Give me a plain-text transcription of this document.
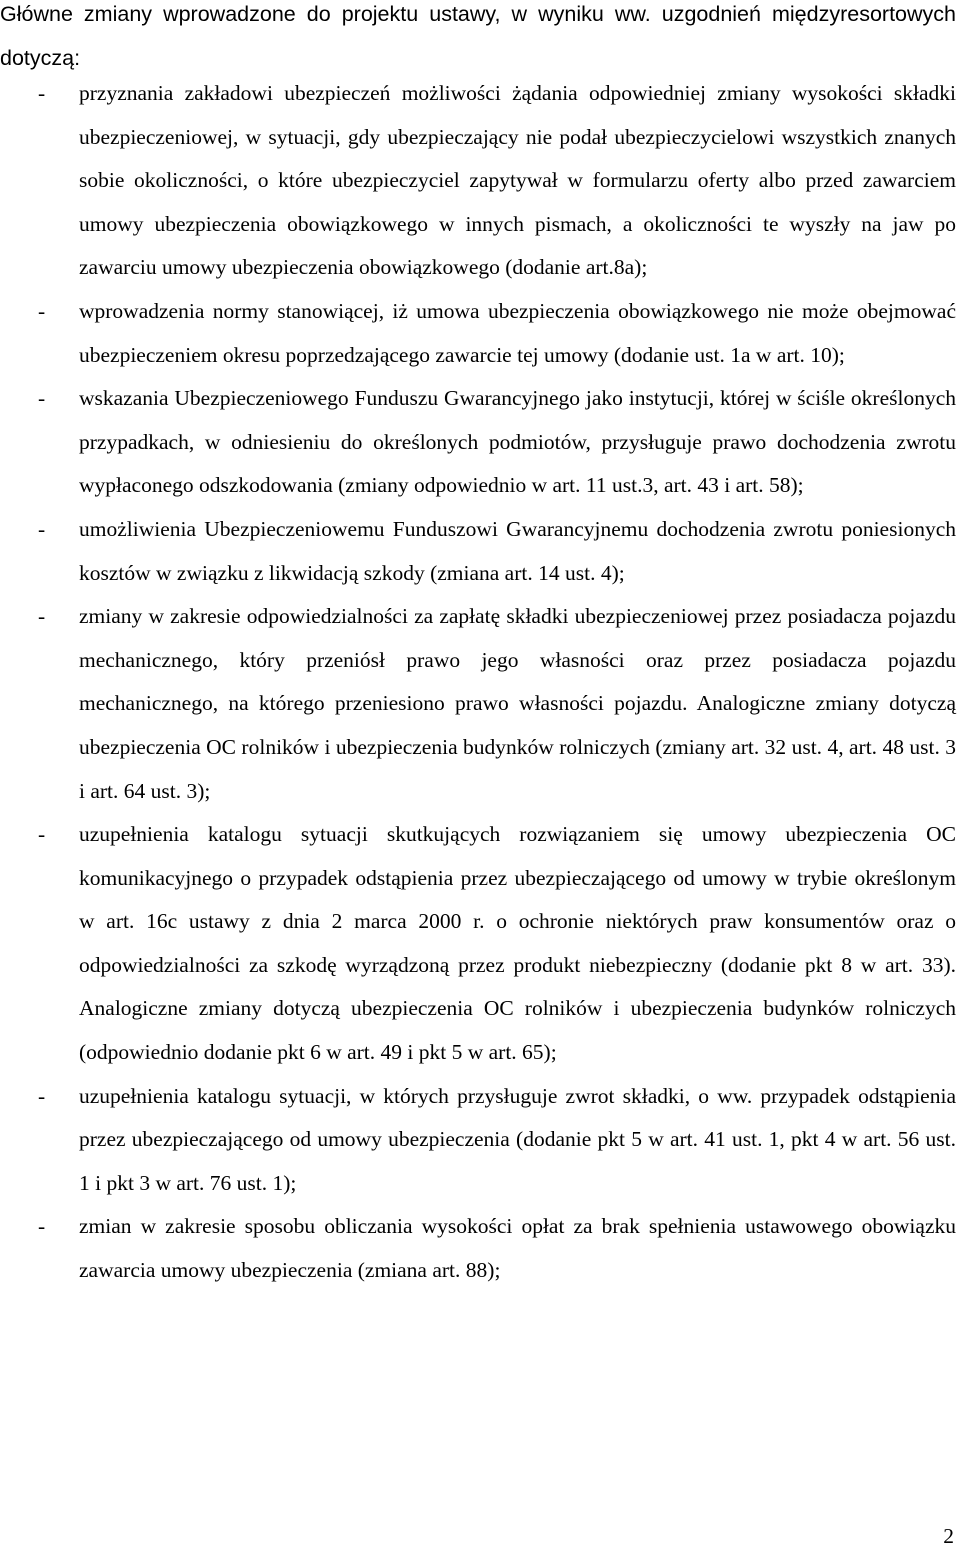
Główne zmiany wprowadzone do projektu ustawy, w wyniku ww. uzgodnień międzyresortowych dotyczą:

- przyznania zakładowi ubezpieczeń możliwości żądania odpowiedniej zmiany wysokości składki ubezpieczeniowej, w sytuacji, gdy ubezpieczający nie podał ubezpieczycielowi wszystkich znanych sobie okoliczności, o które ubezpieczyciel zapytywał w formularzu oferty albo przed zawarciem umowy ubezpieczenia obowiązkowego w innych pismach, a okoliczności te wyszły na jaw po zawarciu umowy ubezpieczenia obowiązkowego (dodanie art.8a);
- wprowadzenia normy stanowiącej, iż umowa ubezpieczenia obowiązkowego nie może obejmować ubezpieczeniem okresu poprzedzającego zawarcie tej umowy (dodanie ust. 1a w art. 10);
- wskazania Ubezpieczeniowego Funduszu Gwarancyjnego jako instytucji, której w ściśle określonych przypadkach, w odniesieniu do określonych podmiotów, przysługuje prawo dochodzenia zwrotu wypłaconego odszkodowania (zmiany odpowiednio w art. 11 ust.3, art. 43 i art. 58);
- umożliwienia Ubezpieczeniowemu Funduszowi Gwarancyjnemu dochodzenia zwrotu poniesionych kosztów w związku z likwidacją szkody (zmiana art. 14 ust. 4);
- zmiany w zakresie odpowiedzialności za zapłatę składki ubezpieczeniowej przez posiadacza pojazdu mechanicznego, który przeniósł prawo jego własności oraz przez posiadacza pojazdu mechanicznego, na którego przeniesiono prawo własności pojazdu. Analogiczne zmiany dotyczą ubezpieczenia OC rolników i ubezpieczenia budynków rolniczych (zmiany art. 32 ust. 4, art. 48 ust. 3 i art. 64 ust. 3);
- uzupełnienia katalogu sytuacji skutkujących rozwiązaniem się umowy ubezpieczenia OC komunikacyjnego o przypadek odstąpienia przez ubezpieczającego od umowy w trybie określonym w art. 16c ustawy z dnia 2 marca 2000 r. o ochronie niektórych praw konsumentów oraz o odpowiedzialności za szkodę wyrządzoną przez produkt niebezpieczny (dodanie pkt 8 w art. 33). Analogiczne zmiany dotyczą ubezpieczenia OC rolników i ubezpieczenia budynków rolniczych (odpowiednio dodanie pkt 6 w art. 49 i pkt 5 w art. 65);
- uzupełnienia katalogu sytuacji, w których przysługuje zwrot składki, o ww. przypadek odstąpienia przez ubezpieczającego od umowy ubezpieczenia (dodanie pkt 5 w art. 41 ust. 1, pkt 4 w art. 56 ust. 1 i pkt 3 w art. 76 ust. 1);
- zmian w zakresie sposobu obliczania wysokości opłat za brak spełnienia ustawowego obowiązku zawarcia umowy ubezpieczenia (zmiana art. 88);
2
